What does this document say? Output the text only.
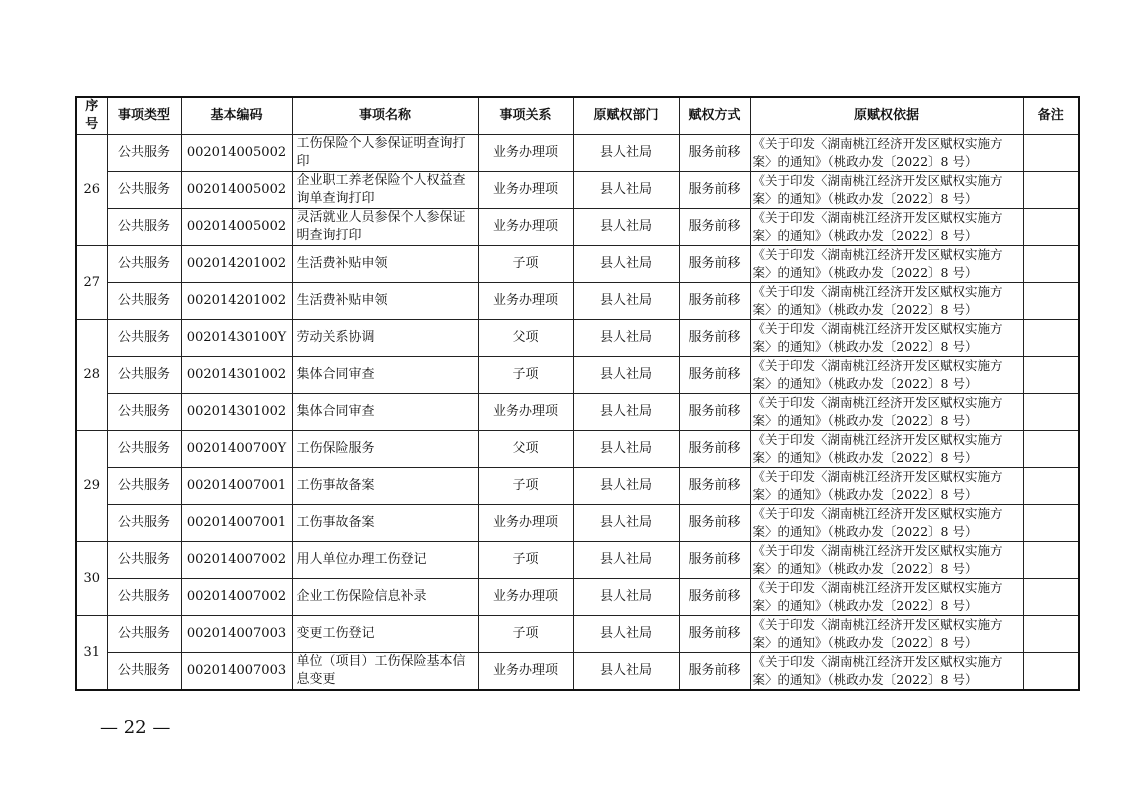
序号	事项类型	基本编码	事项名称	事项关系	原赋权部门	赋权方式	原赋权依据	备注
26	公共服务	002014005002	工伤保险个人参保证明查询打印	业务办理项	县人社局	服务前移	《关于印发〈湖南桃江经济开发区赋权实施方案〉的通知》（桃政办发〔2022〕8 号）	
	公共服务	002014005002	企业职工养老保险个人权益查询单查询打印	业务办理项	县人社局	服务前移	《关于印发〈湖南桃江经济开发区赋权实施方案〉的通知》（桃政办发〔2022〕8 号）	
	公共服务	002014005002	灵活就业人员参保个人参保证明查询打印	业务办理项	县人社局	服务前移	《关于印发〈湖南桃江经济开发区赋权实施方案〉的通知》（桃政办发〔2022〕8 号）	
27	公共服务	002014201002	生活费补贴申领	子项	县人社局	服务前移	《关于印发〈湖南桃江经济开发区赋权实施方案〉的通知》（桃政办发〔2022〕8 号）	
	公共服务	002014201002	生活费补贴申领	业务办理项	县人社局	服务前移	《关于印发〈湖南桃江经济开发区赋权实施方案〉的通知》（桃政办发〔2022〕8 号）	
28	公共服务	00201430100Y	劳动关系协调	父项	县人社局	服务前移	《关于印发〈湖南桃江经济开发区赋权实施方案〉的通知》（桃政办发〔2022〕8 号）	
	公共服务	002014301002	集体合同审查	子项	县人社局	服务前移	《关于印发〈湖南桃江经济开发区赋权实施方案〉的通知》（桃政办发〔2022〕8 号）	
	公共服务	002014301002	集体合同审查	业务办理项	县人社局	服务前移	《关于印发〈湖南桃江经济开发区赋权实施方案〉的通知》（桃政办发〔2022〕8 号）	
29	公共服务	00201400700Y	工伤保险服务	父项	县人社局	服务前移	《关于印发〈湖南桃江经济开发区赋权实施方案〉的通知》（桃政办发〔2022〕8 号）	
	公共服务	002014007001	工伤事故备案	子项	县人社局	服务前移	《关于印发〈湖南桃江经济开发区赋权实施方案〉的通知》（桃政办发〔2022〕8 号）	
	公共服务	002014007001	工伤事故备案	业务办理项	县人社局	服务前移	《关于印发〈湖南桃江经济开发区赋权实施方案〉的通知》（桃政办发〔2022〕8 号）	
30	公共服务	002014007002	用人单位办理工伤登记	子项	县人社局	服务前移	《关于印发〈湖南桃江经济开发区赋权实施方案〉的通知》（桃政办发〔2022〕8 号）	
	公共服务	002014007002	企业工伤保险信息补录	业务办理项	县人社局	服务前移	《关于印发〈湖南桃江经济开发区赋权实施方案〉的通知》（桃政办发〔2022〕8 号）	
31	公共服务	002014007003	变更工伤登记	子项	县人社局	服务前移	《关于印发〈湖南桃江经济开发区赋权实施方案〉的通知》（桃政办发〔2022〕8 号）	
	公共服务	002014007003	单位（项目）工伤保险基本信息变更	业务办理项	县人社局	服务前移	《关于印发〈湖南桃江经济开发区赋权实施方案〉的通知》（桃政办发〔2022〕8 号）	
— 22 —
